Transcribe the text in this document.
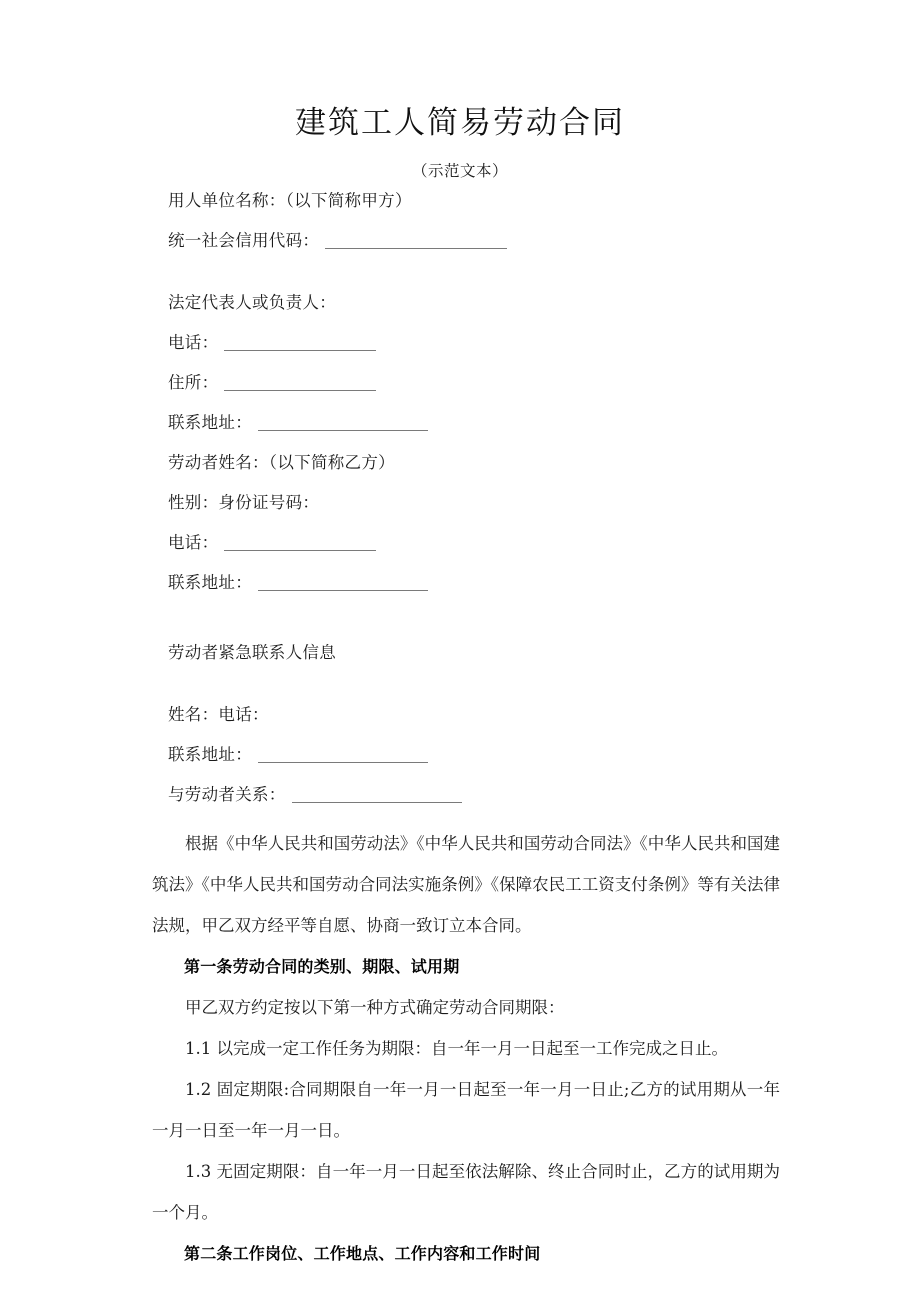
建筑工人简易劳动合同
（示范文本）
用人单位名称：（以下简称甲方）
统一社会信用代码：
法定代表人或负责人：
电话：
住所：
联系地址：
劳动者姓名：（以下简称乙方）
性别：身份证号码：
电话：
联系地址：
劳动者紧急联系人信息
姓名：电话：
联系地址：
与劳动者关系：

根据《中华人民共和国劳动法》《中华人民共和国劳动合同法》《中华人民共和国建筑法》《中华人民共和国劳动合同法实施条例》《保障农民工工资支付条例》等有关法律法规，甲乙双方经平等自愿、协商一致订立本合同。

第一条劳动合同的类别、期限、试用期

甲乙双方约定按以下第一种方式确定劳动合同期限：

1.1 以完成一定工作任务为期限：自一年一月一日起至一工作完成之日止。

1.2 固定期限:合同期限自一年一月一日起至一年一月一日止;乙方的试用期从一年一月一日至一年一月一日。

1.3 无固定期限：自一年一月一日起至依法解除、终止合同时止，乙方的试用期为一个月。

第二条工作岗位、工作地点、工作内容和工作时间
